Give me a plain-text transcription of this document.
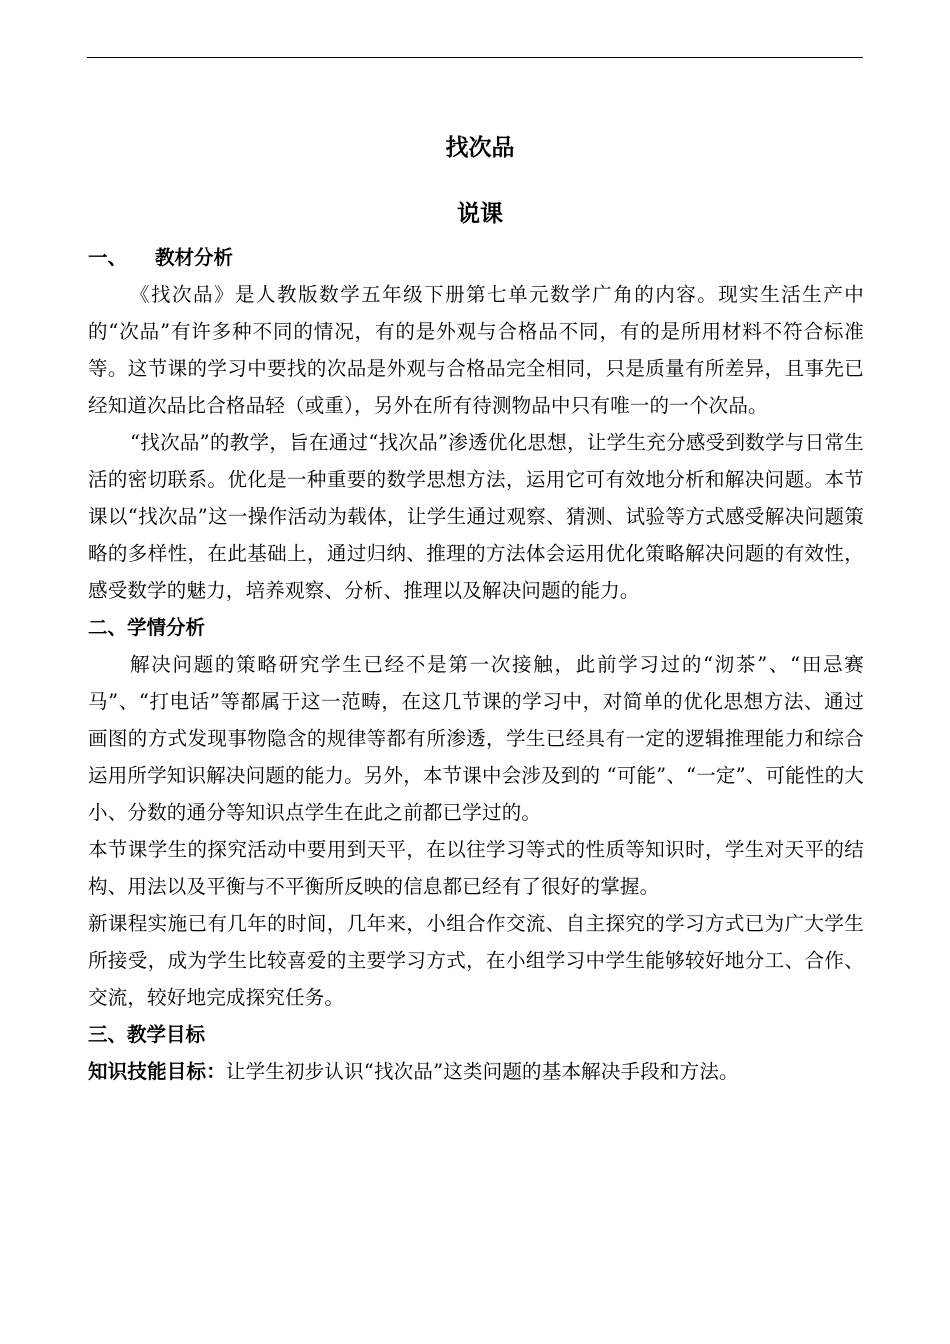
找次品
说课
一、 教材分析

《找次品》是人教版数学五年级下册第七单元数学广角的内容。现实生活生产中的“次品”有许多种不同的情况，有的是外观与合格品不同，有的是所用材料不符合标准等。这节课的学习中要找的次品是外观与合格品完全相同，只是质量有所差异，且事先已经知道次品比合格品轻（或重），另外在所有待测物品中只有唯一的一个次品。

“找次品”的教学，旨在通过“找次品”渗透优化思想，让学生充分感受到数学与日常生活的密切联系。优化是一种重要的数学思想方法，运用它可有效地分析和解决问题。本节课以“找次品”这一操作活动为载体，让学生通过观察、猜测、试验等方式感受解决问题策略的多样性，在此基础上，通过归纳、推理的方法体会运用优化策略解决问题的有效性，感受数学的魅力，培养观察、分析、推理以及解决问题的能力。

二、学情分析

解决问题的策略研究学生已经不是第一次接触，此前学习过的“沏茶”、“田忌赛马”、“打电话”等都属于这一范畴，在这几节课的学习中，对简单的优化思想方法、通过画图的方式发现事物隐含的规律等都有所渗透，学生已经具有一定的逻辑推理能力和综合运用所学知识解决问题的能力。另外，本节课中会涉及到的 “可能”、“一定”、可能性的大小、分数的通分等知识点学生在此之前都已学过的。

本节课学生的探究活动中要用到天平，在以往学习等式的性质等知识时，学生对天平的结构、用法以及平衡与不平衡所反映的信息都已经有了很好的掌握。

新课程实施已有几年的时间，几年来，小组合作交流、自主探究的学习方式已为广大学生所接受，成为学生比较喜爱的主要学习方式，在小组学习中学生能够较好地分工、合作、交流，较好地完成探究任务。

三、教学目标

知识技能目标：让学生初步认识“找次品”这类问题的基本解决手段和方法。
